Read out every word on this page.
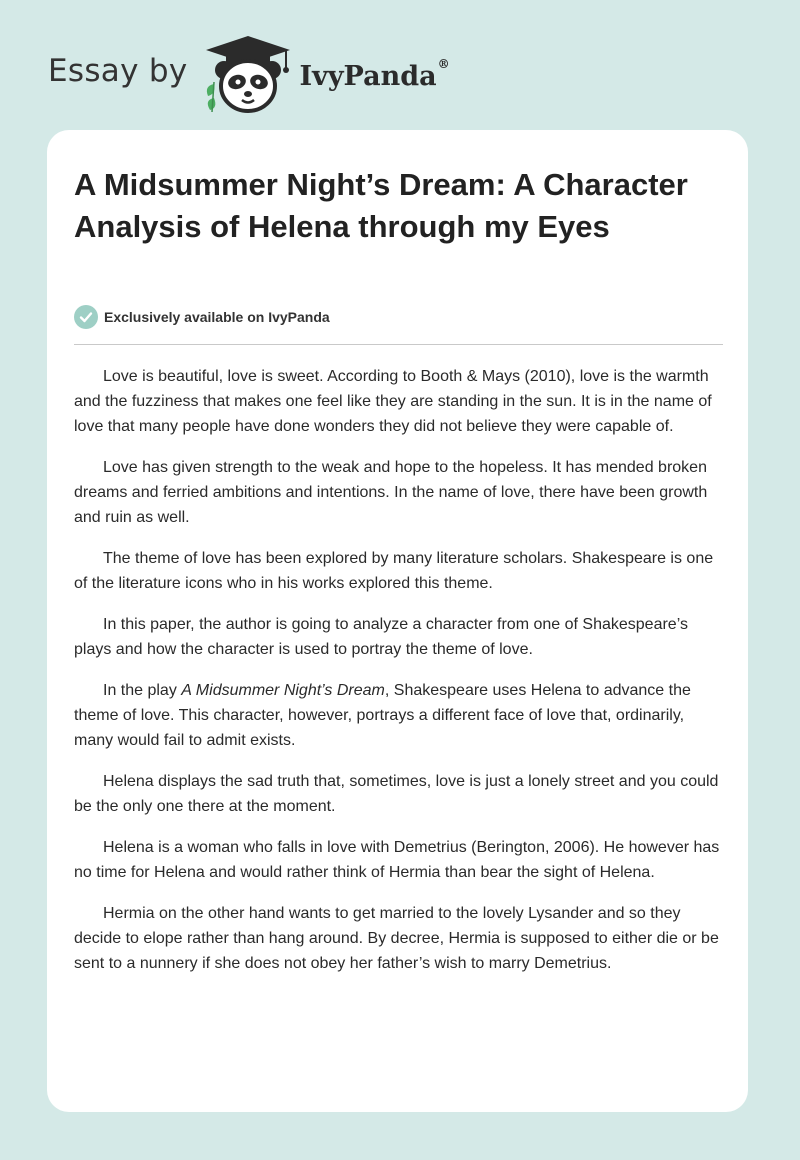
Essay by	IvyPanda®
A Midsummer Night’s Dream: A Character Analysis of Helena through my Eyes
Exclusively available on IvyPanda

Love is beautiful, love is sweet. According to Booth & Mays (2010), love is the warmth and the fuzziness that makes one feel like they are standing in the sun. It is in the name of love that many people have done wonders they did not believe they were capable of.

Love has given strength to the weak and hope to the hopeless. It has mended broken dreams and ferried ambitions and intentions. In the name of love, there have been growth and ruin as well.

The theme of love has been explored by many literature scholars. Shakespeare is one of the literature icons who in his works explored this theme.

In this paper, the author is going to analyze a character from one of Shakespeare’s plays and how the character is used to portray the theme of love.

In the play A Midsummer Night’s Dream, Shakespeare uses Helena to advance the theme of love. This character, however, portrays a different face of love that, ordinarily, many would fail to admit exists.

Helena displays the sad truth that, sometimes, love is just a lonely street and you could be the only one there at the moment.

Helena is a woman who falls in love with Demetrius (Berington, 2006). He however has no time for Helena and would rather think of Hermia than bear the sight of Helena.

Hermia on the other hand wants to get married to the lovely Lysander and so they decide to elope rather than hang around. By decree, Hermia is supposed to either die or be sent to a nunnery if she does not obey her father’s wish to marry Demetrius.
